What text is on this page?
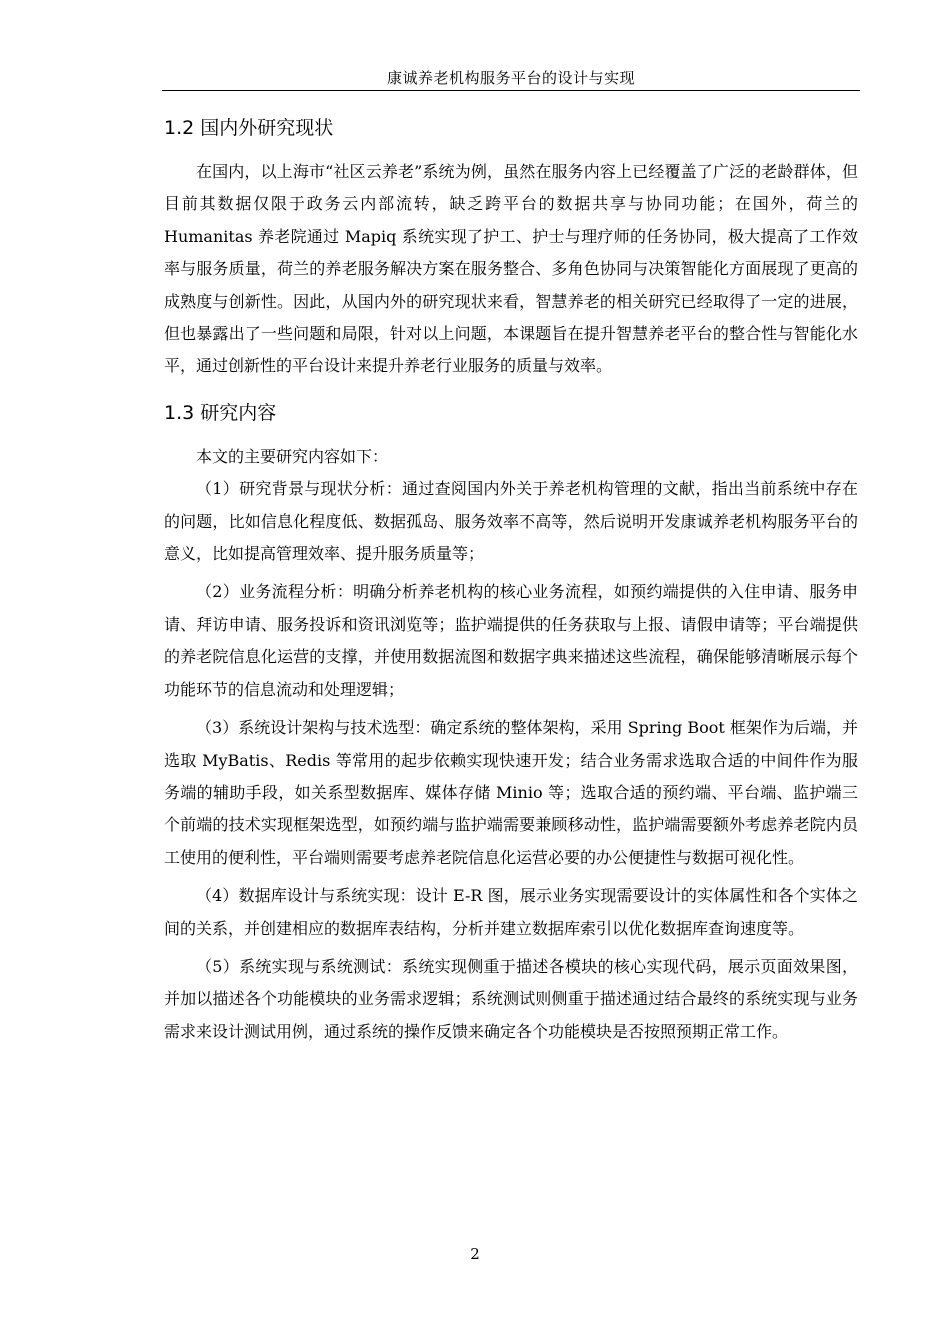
康诚养老机构服务平台的设计与实现
1.2 国内外研究现状

在国内，以上海市“社区云养老”系统为例，虽然在服务内容上已经覆盖了广泛的老龄群体，但目前其数据仅限于政务云内部流转，缺乏跨平台的数据共享与协同功能；在国外，荷兰的 Humanitas 养老院通过 Mapiq 系统实现了护工、护士与理疗师的任务协同，极大提高了工作效率与服务质量，荷兰的养老服务解决方案在服务整合、多角色协同与决策智能化方面展现了更高的成熟度与创新性。因此，从国内外的研究现状来看，智慧养老的相关研究已经取得了一定的进展，但也暴露出了一些问题和局限，针对以上问题，本课题旨在提升智慧养老平台的整合性与智能化水平，通过创新性的平台设计来提升养老行业服务的质量与效率。

1.3 研究内容

本文的主要研究内容如下：

（1）研究背景与现状分析：通过查阅国内外关于养老机构管理的文献，指出当前系统中存在的问题，比如信息化程度低、数据孤岛、服务效率不高等，然后说明开发康诚养老机构服务平台的意义，比如提高管理效率、提升服务质量等；

（2）业务流程分析：明确分析养老机构的核心业务流程，如预约端提供的入住申请、服务申请、拜访申请、服务投诉和资讯浏览等；监护端提供的任务获取与上报、请假申请等；平台端提供的养老院信息化运营的支撑，并使用数据流图和数据字典来描述这些流程，确保能够清晰展示每个功能环节的信息流动和处理逻辑；

（3）系统设计架构与技术选型：确定系统的整体架构，采用 Spring Boot 框架作为后端，并选取 MyBatis、Redis 等常用的起步依赖实现快速开发；结合业务需求选取合适的中间件作为服务端的辅助手段，如关系型数据库、媒体存储 Minio 等；选取合适的预约端、平台端、监护端三个前端的技术实现框架选型，如预约端与监护端需要兼顾移动性，监护端需要额外考虑养老院内员工使用的便利性，平台端则需要考虑养老院信息化运营必要的办公便捷性与数据可视化性。

（4）数据库设计与系统实现：设计 E-R 图，展示业务实现需要设计的实体属性和各个实体之间的关系，并创建相应的数据库表结构，分析并建立数据库索引以优化数据库查询速度等。

（5）系统实现与系统测试：系统实现侧重于描述各模块的核心实现代码，展示页面效果图，并加以描述各个功能模块的业务需求逻辑；系统测试则侧重于描述通过结合最终的系统实现与业务需求来设计测试用例，通过系统的操作反馈来确定各个功能模块是否按照预期正常工作。

2
